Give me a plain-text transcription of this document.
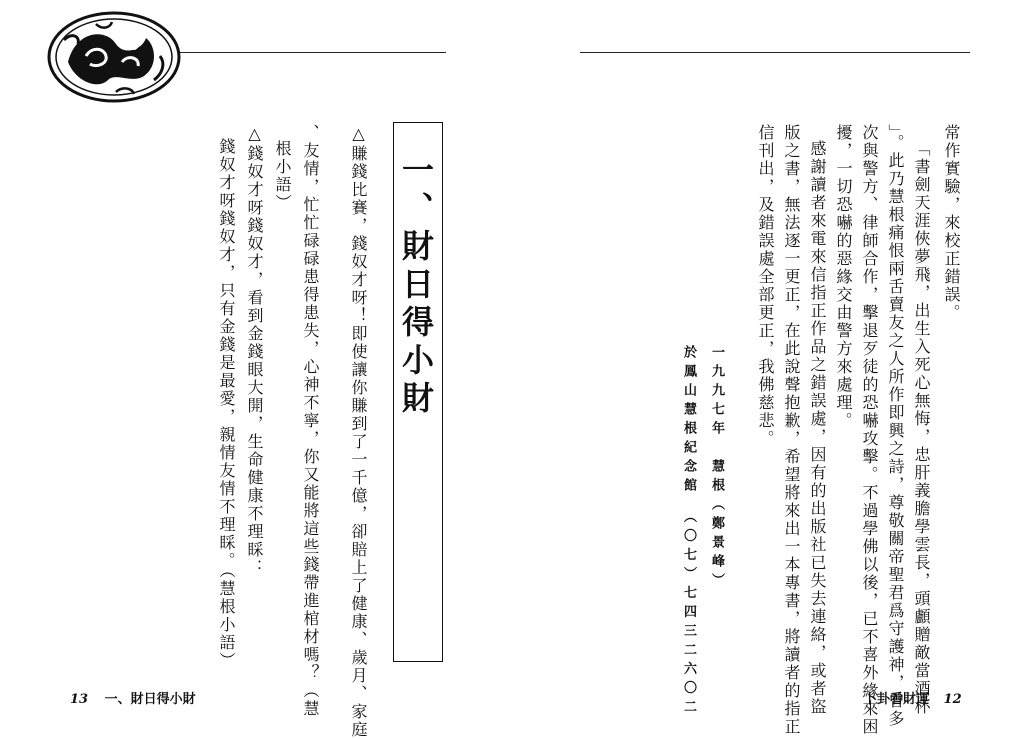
一、財日得小財
△賺錢比賽，錢奴才呀！即使讓你賺到了一千億，卻賠上了健康、歲月、家庭
、友情，忙忙碌碌患得患失，心神不寧，你又能將這些錢帶進棺材嗎？（慧
根小語）
△錢奴才呀錢奴才，看到金錢眼大開，生命健康不理睬：
錢奴才呀錢奴才，只有金錢是最愛，親情友情不理睬。（慧根小語）
13 一、財日得小財
常作實驗，來校正錯誤。
「書劍天涯俠夢飛，出生入死心無悔，忠肝義膽學雲長，頭顱贈敵當酒杯
」。此乃慧根痛恨兩舌賣友之人所作即興之詩，尊敬關帝聖君爲守護神，曾多
次與警方、律師合作，擊退歹徒的恐嚇攻擊。不過學佛以後，已不喜外緣來困
擾，一切恐嚇的惡緣交由警方來處理。
感謝讀者來電來信指正作品之錯誤處，因有的出版社已失去連絡，或者盜
版之書，無法逐一更正，在此說聲抱歉，希望將來出一本專書，將讀者的指正
信刊出，及錯誤處全部更正，我佛慈悲。
一九九七年　慧根（鄭景峰）
於鳳山慧根紀念館　（〇七）七四三二六〇二	卜卦看財運 12
